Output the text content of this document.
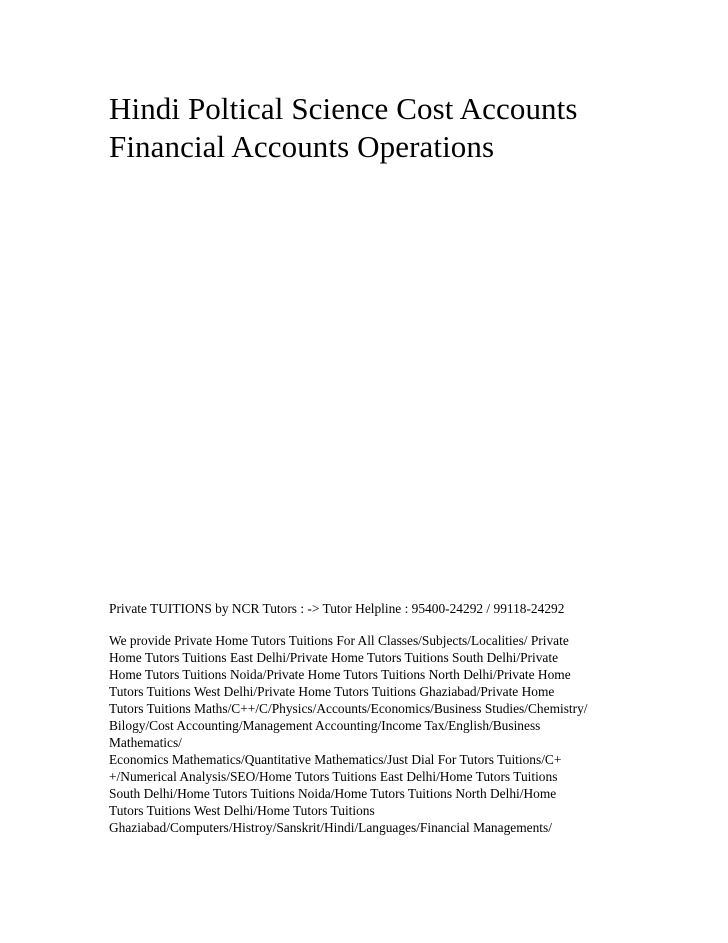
Hindi Poltical Science Cost Accounts
Financial Accounts Operations

Private TUITIONS by NCR Tutors : -> Tutor Helpline : 95400-24292 / 99118-24292

We provide Private Home Tutors Tuitions For All Classes/Subjects/Localities/ Private
Home Tutors Tuitions East Delhi/Private Home Tutors Tuitions South Delhi/Private
Home Tutors Tuitions Noida/Private Home Tutors Tuitions North Delhi/Private Home
Tutors Tuitions West Delhi/Private Home Tutors Tuitions Ghaziabad/Private Home
Tutors Tuitions Maths/C++/C/Physics/Accounts/Economics/Business Studies/Chemistry/
Bilogy/Cost Accounting/Management Accounting/Income Tax/English/Business
Mathematics/
Economics Mathematics/Quantitative Mathematics/Just Dial For Tutors Tuitions/C+
+/Numerical Analysis/SEO/Home Tutors Tuitions East Delhi/Home Tutors Tuitions
South Delhi/Home Tutors Tuitions Noida/Home Tutors Tuitions North Delhi/Home
Tutors Tuitions West Delhi/Home Tutors Tuitions
Ghaziabad/Computers/Histroy/Sanskrit/Hindi/Languages/Financial Managements/
